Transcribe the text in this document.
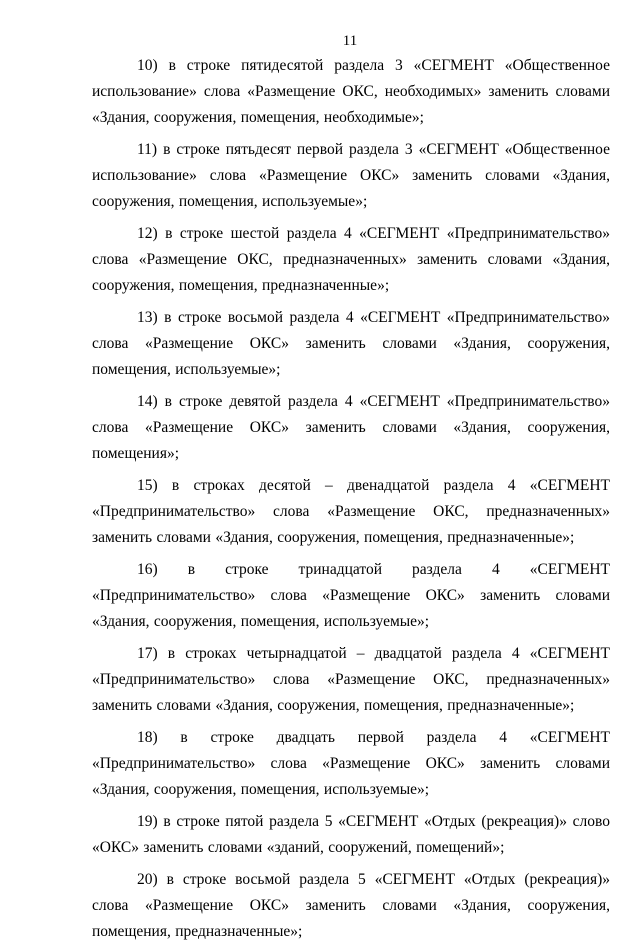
11

10) в строке пятидесятой раздела 3 «СЕГМЕНТ «Общественное использование» слова «Размещение ОКС, необходимых» заменить словами «Здания, сооружения, помещения, необходимые»;

11) в строке пятьдесят первой раздела 3 «СЕГМЕНТ «Общественное использование» слова «Размещение ОКС» заменить словами «Здания, сооружения, помещения, используемые»;

12) в строке шестой раздела 4 «СЕГМЕНТ «Предпринимательство» слова «Размещение ОКС, предназначенных» заменить словами «Здания, сооружения, помещения, предназначенные»;

13) в строке восьмой раздела 4 «СЕГМЕНТ «Предпринимательство» слова «Размещение ОКС» заменить словами «Здания, сооружения, помещения, используемые»;

14) в строке девятой раздела 4 «СЕГМЕНТ «Предпринимательство» слова «Размещение ОКС» заменить словами «Здания, сооружения, помещения»;

15) в строках десятой – двенадцатой раздела 4 «СЕГМЕНТ «Предпринимательство» слова «Размещение ОКС, предназначенных» заменить словами «Здания, сооружения, помещения, предназначенные»;

16) в строке тринадцатой раздела 4 «СЕГМЕНТ «Предпринимательство» слова «Размещение ОКС» заменить словами «Здания, сооружения, помещения, используемые»;

17) в строках четырнадцатой – двадцатой раздела 4 «СЕГМЕНТ «Предпринимательство» слова «Размещение ОКС, предназначенных» заменить словами «Здания, сооружения, помещения, предназначенные»;

18) в строке двадцать первой раздела 4 «СЕГМЕНТ «Предпринимательство» слова «Размещение ОКС» заменить словами «Здания, сооружения, помещения, используемые»;

19) в строке пятой раздела 5 «СЕГМЕНТ «Отдых (рекреация)» слово «ОКС» заменить словами «зданий, сооружений, помещений»;

20) в строке восьмой раздела 5 «СЕГМЕНТ «Отдых (рекреация)» слова «Размещение ОКС» заменить словами «Здания, сооружения, помещения, предназначенные»;
